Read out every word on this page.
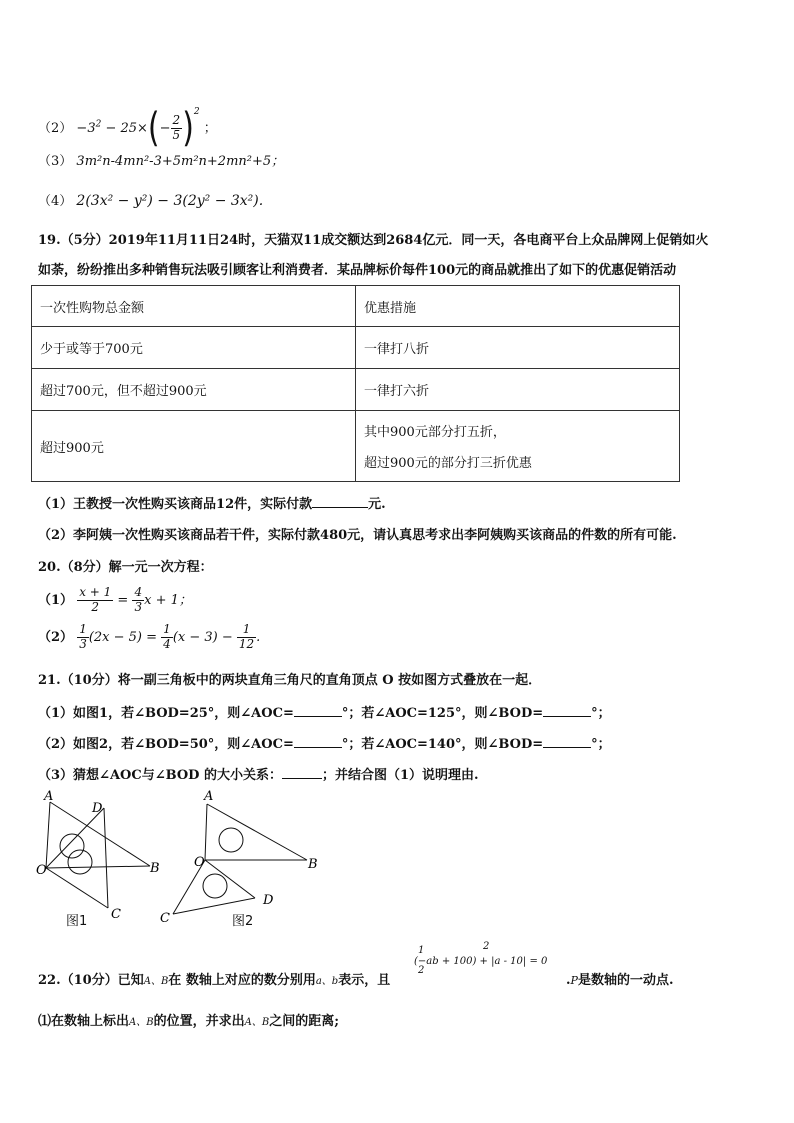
$(2) -3^2 - 25\times(- \frac{2}{5} )^2$ ；
（3） 3m²n-4mn²-3+5m²n+2mn²+5；
（4） 2(3x² − y²) − 3(2y² − 3x²).
19.（5分）2019年11月11日24时，天猫双11成交额达到2684亿元．同一天，各电商平台上众品牌网上促销如火
如荼，纷纷推出多种销售玩法吸引顾客让利消费者．某品牌标价每件100元的商品就推出了如下的优惠促销活动
一次性购物总金额	优惠措施
少于或等于700元	一律打八折
超过700元，但不超过900元	一律打六折
超过900元	其中900元部分打五折，
超过900元的部分打三折优惠
（1）王教授一次性购买该商品12件，实际付款	元.
（2）李阿姨一次性购买该商品若干件，实际付款480元，请认真思考求出李阿姨购买该商品的件数的所有可能.
20.（8分）解一元一次方程：
$(1) \frac{x + 1}{2} = \frac{4}{3}$ x + 1；
$(2) \frac{1}{3} (2x - 5) = \frac{1}{4} (x - 3) - \frac{1}{12}$ .
21.（10分）将一副三角板中的两块直角三角尺的直角顶点 O 按如图方式叠放在一起．
（1）如图1，若∠BOD=25°，则∠AOC=	°；若∠AOC=125°，则∠BOD=	°；
（2）如图2，若∠BOD=50°，则∠AOC=	°；若∠AOC=140°，则∠BOD=	°；
（3）猜想∠AOC与∠BOD 的大小关系：	；并结合图（1）说明理由.
A
D
O	B
C
图1
A
O	B
C
D
图2
22.（10分）已知A、B在 数轴上对应的数分别用a、b表示，且
1	2
(−ab + 100) + |a - 10| = 0
2
.P是数轴的一动点.
⑴在数轴上标出A、B的位置，并求出A、B之间的距离;
